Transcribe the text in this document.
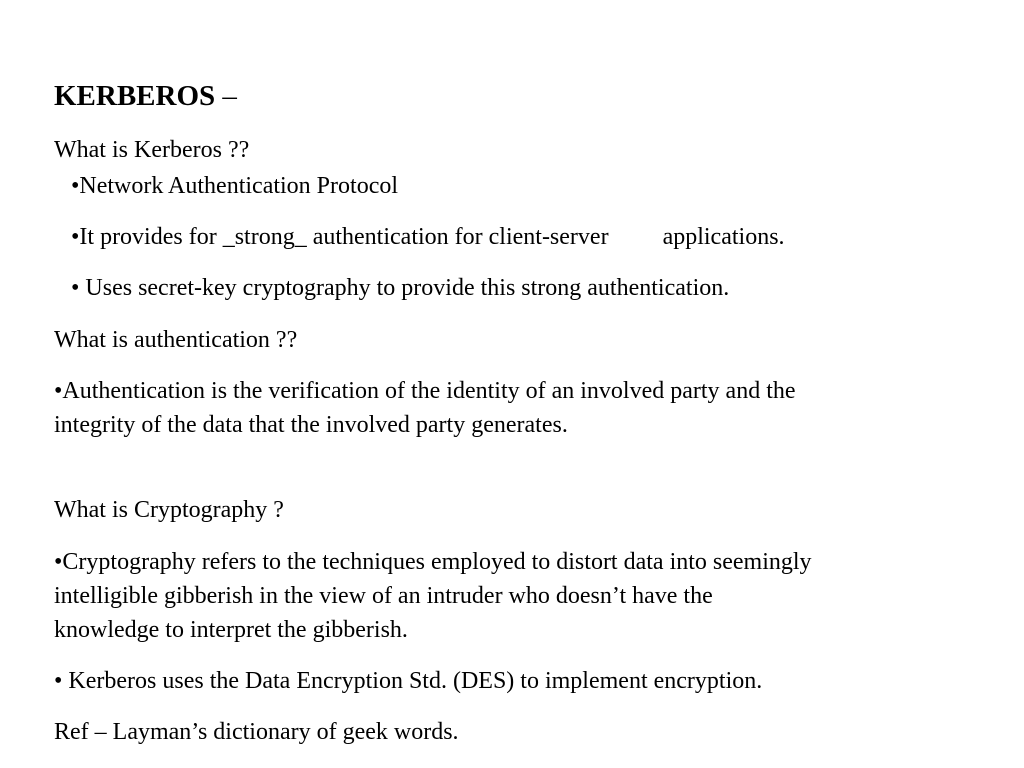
KERBEROS –
What is Kerberos ??
•Network Authentication Protocol
•It provides for _strong_ authentication for client-server applications.
• Uses secret-key cryptography to provide this strong authentication.
What is authentication ??
•Authentication is the verification of the identity of an involved party and the
integrity of the data that the involved party generates.
What is Cryptography ?
•Cryptography refers to the techniques employed to distort data into seemingly
intelligible gibberish in the view of an intruder who doesn’t have the
knowledge to interpret the gibberish.
• Kerberos uses the Data Encryption Std. (DES) to implement encryption.
Ref – Layman’s dictionary of geek words.
